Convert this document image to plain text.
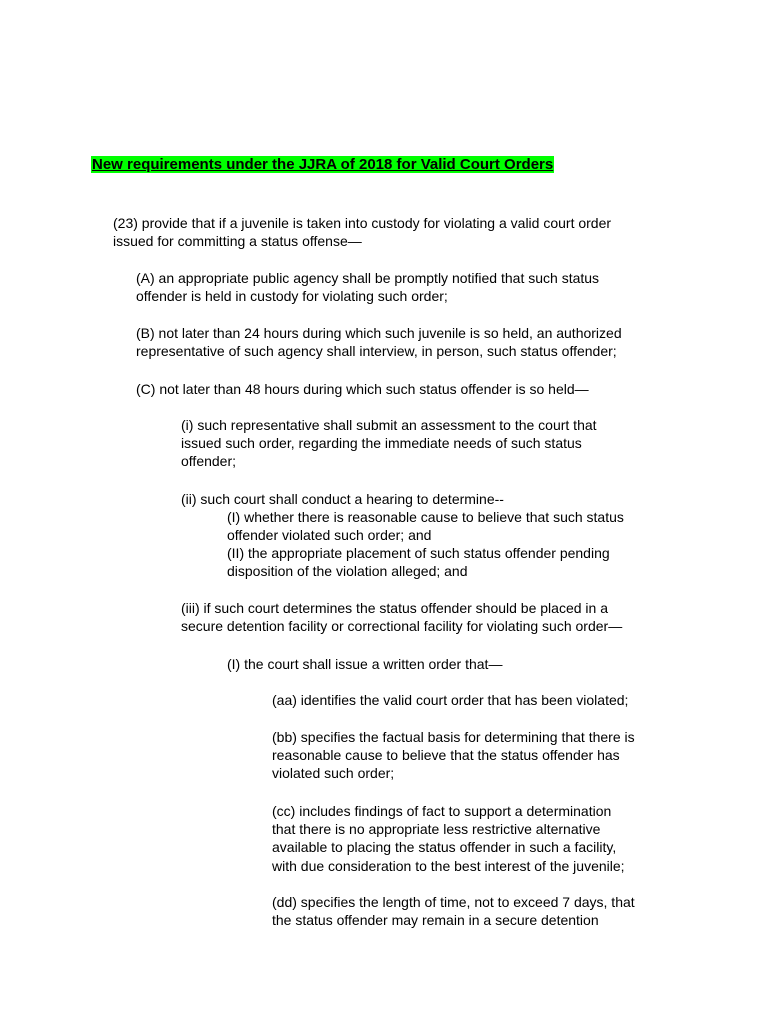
New requirements under the JJRA of 2018 for Valid Court Orders

(23) provide that if a juvenile is taken into custody for violating a valid court order
issued for committing a status offense—

(A) an appropriate public agency shall be promptly notified that such status
offender is held in custody for violating such order;

(B) not later than 24 hours during which such juvenile is so held, an authorized
representative of such agency shall interview, in person, such status offender;

(C) not later than 48 hours during which such status offender is so held—

(i) such representative shall submit an assessment to the court that
issued such order, regarding the immediate needs of such status
offender;

(ii) such court shall conduct a hearing to determine--

(I) whether there is reasonable cause to believe that such status
offender violated such order; and

(II) the appropriate placement of such status offender pending
disposition of the violation alleged; and

(iii) if such court determines the status offender should be placed in a
secure detention facility or correctional facility for violating such order—

(I) the court shall issue a written order that—

(aa) identifies the valid court order that has been violated;

(bb) specifies the factual basis for determining that there is
reasonable cause to believe that the status offender has
violated such order;

(cc) includes findings of fact to support a determination
that there is no appropriate less restrictive alternative
available to placing the status offender in such a facility,
with due consideration to the best interest of the juvenile;

(dd) specifies the length of time, not to exceed 7 days, that
the status offender may remain in a secure detention
